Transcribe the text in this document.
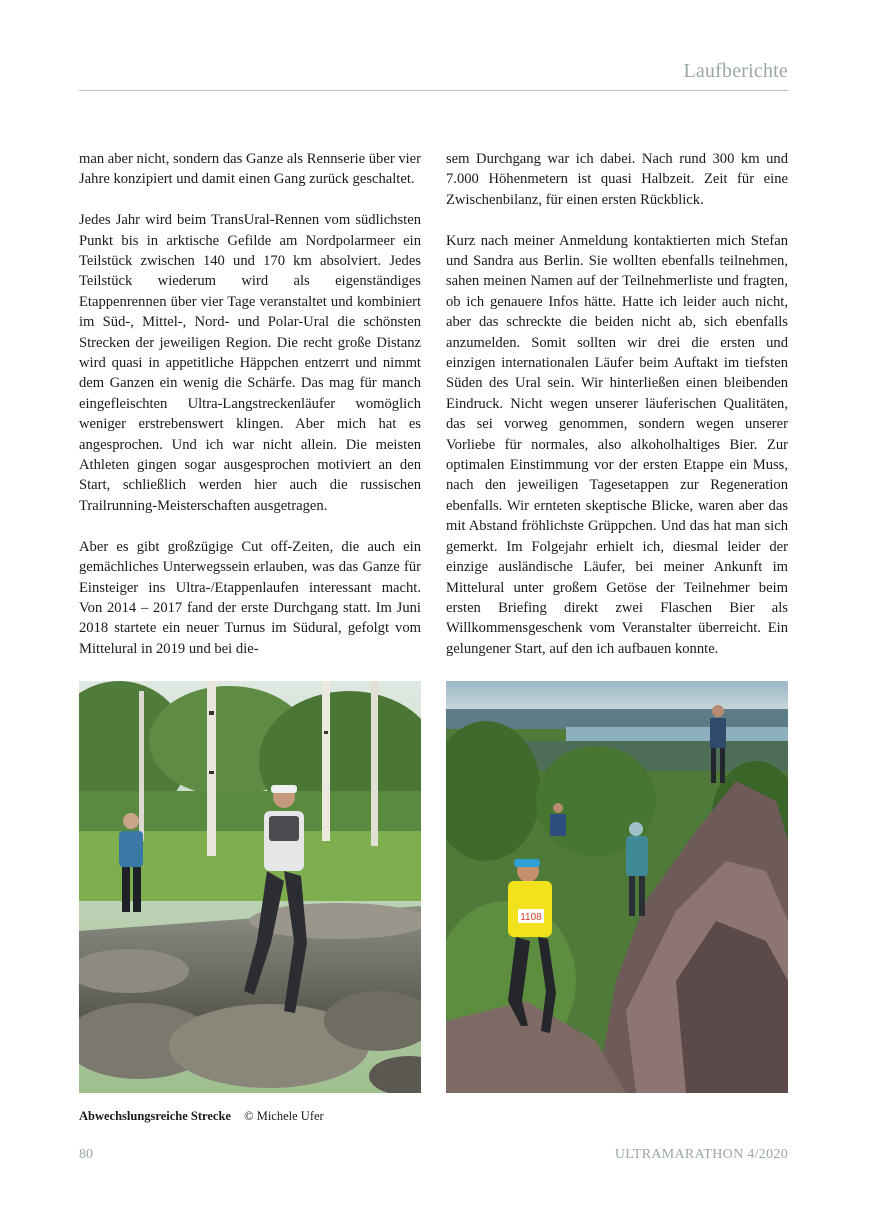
Laufberichte

man aber nicht, sondern das Ganze als Rennserie über vier Jahre konzipiert und damit einen Gang zurück geschaltet.

Jedes Jahr wird beim TransUral-Rennen vom südlichsten Punkt bis in arktische Gefilde am Nordpolarmeer ein Teilstück zwischen 140 und 170 km absolviert. Jedes Teilstück wiederum wird als eigenständiges Etappenrennen über vier Tage veranstaltet und kombiniert im Süd-, Mittel-, Nord- und Polar-Ural die schönsten Strecken der jeweiligen Region. Die recht große Distanz wird quasi in appetitliche Häppchen entzerrt und nimmt dem Ganzen ein wenig die Schärfe. Das mag für manch eingefleischten Ultra-Langstreckenläufer womöglich weniger erstrebenswert klingen. Aber mich hat es angesprochen. Und ich war nicht allein. Die meisten Athleten gingen sogar ausgesprochen motiviert an den Start, schließlich werden hier auch die russischen Trailrunning-Meisterschaften ausgetragen.

Aber es gibt großzügige Cut off-Zeiten, die auch ein gemächliches Unterwegssein erlauben, was das Ganze für Einsteiger ins Ultra-/Etappenlaufen interessant macht. Von 2014 – 2017 fand der erste Durchgang statt. Im Juni 2018 startete ein neuer Turnus im Südural, gefolgt vom Mittelural in 2019 und bei die-

sem Durchgang war ich dabei. Nach rund 300 km und 7.000 Höhenmetern ist quasi Halbzeit. Zeit für eine Zwischenbilanz, für einen ersten Rückblick.

Kurz nach meiner Anmeldung kontaktierten mich Stefan und Sandra aus Berlin. Sie wollten ebenfalls teilnehmen, sahen meinen Namen auf der Teilnehmerliste und fragten, ob ich genauere Infos hätte. Hatte ich leider auch nicht, aber das schreckte die beiden nicht ab, sich ebenfalls anzumelden. Somit sollten wir drei die ersten und einzigen internationalen Läufer beim Auftakt im tiefsten Süden des Ural sein. Wir hinterließen einen bleibenden Eindruck. Nicht wegen unserer läuferischen Qualitäten, das sei vorweg genommen, sondern wegen unserer Vorliebe für normales, also alkoholhaltiges Bier. Zur optimalen Einstimmung vor der ersten Etappe ein Muss, nach den jeweiligen Tagesetappen zur Regeneration ebenfalls. Wir ernteten skeptische Blicke, waren aber das mit Abstand fröhlichste Grüppchen. Und das hat man sich gemerkt. Im Folgejahr erhielt ich, diesmal leider der einzige ausländische Läufer, bei meiner Ankunft im Mittelural unter großem Getöse der Teilnehmer beim ersten Briefing direkt zwei Flaschen Bier als Willkommensgeschenk vom Veranstalter überreicht. Ein gelungener Start, auf den ich aufbauen konnte.

1108
Abwechslungsreiche Strecke © Michele Ufer
80	ULTRAMARATHON 4/2020
